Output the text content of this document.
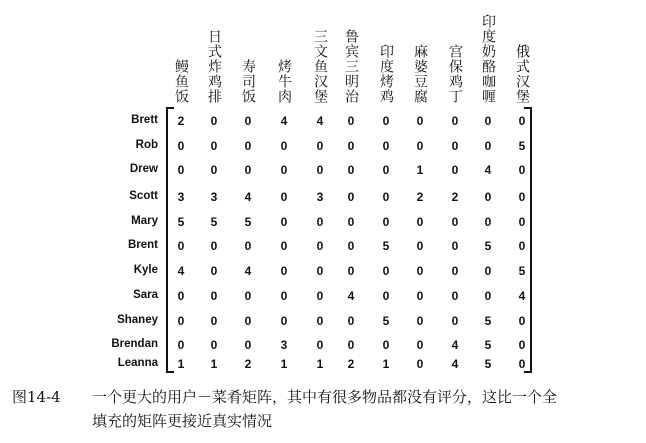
鳗鱼饭 日式炸鸡排 寿司饭 烤牛肉 三文鱼汉堡 鲁宾三明治 印度烤鸡 麻婆豆腐 宫保鸡丁 印度奶酪咖喱 俄式汉堡
Brett	2	0	0	4	4	0	0	0	0	0	0
Rob	0	0	0	0	0	0	0	0	0	0	5
Drew	0	0	0	0	0	0	0	1	0	4	0
Scott	3	3	4	0	3	0	0	2	2	0	0
Mary	5	5	5	0	0	0	0	0	0	0	0
Brent	0	0	0	0	0	0	5	0	0	5	0
Kyle	4	0	4	0	0	0	0	0	0	0	5
Sara	0	0	0	0	0	4	0	0	0	0	4
Shaney	0	0	0	0	0	0	5	0	0	5	0
Brendan	0	0	0	3	0	0	0	0	4	5	0
Leanna	1	1	2	1	1	2	1	0	4	5	0
图14-4 一个更大的用户－菜肴矩阵，其中有很多物品都没有评分，这比一个全
填充的矩阵更接近真实情况
